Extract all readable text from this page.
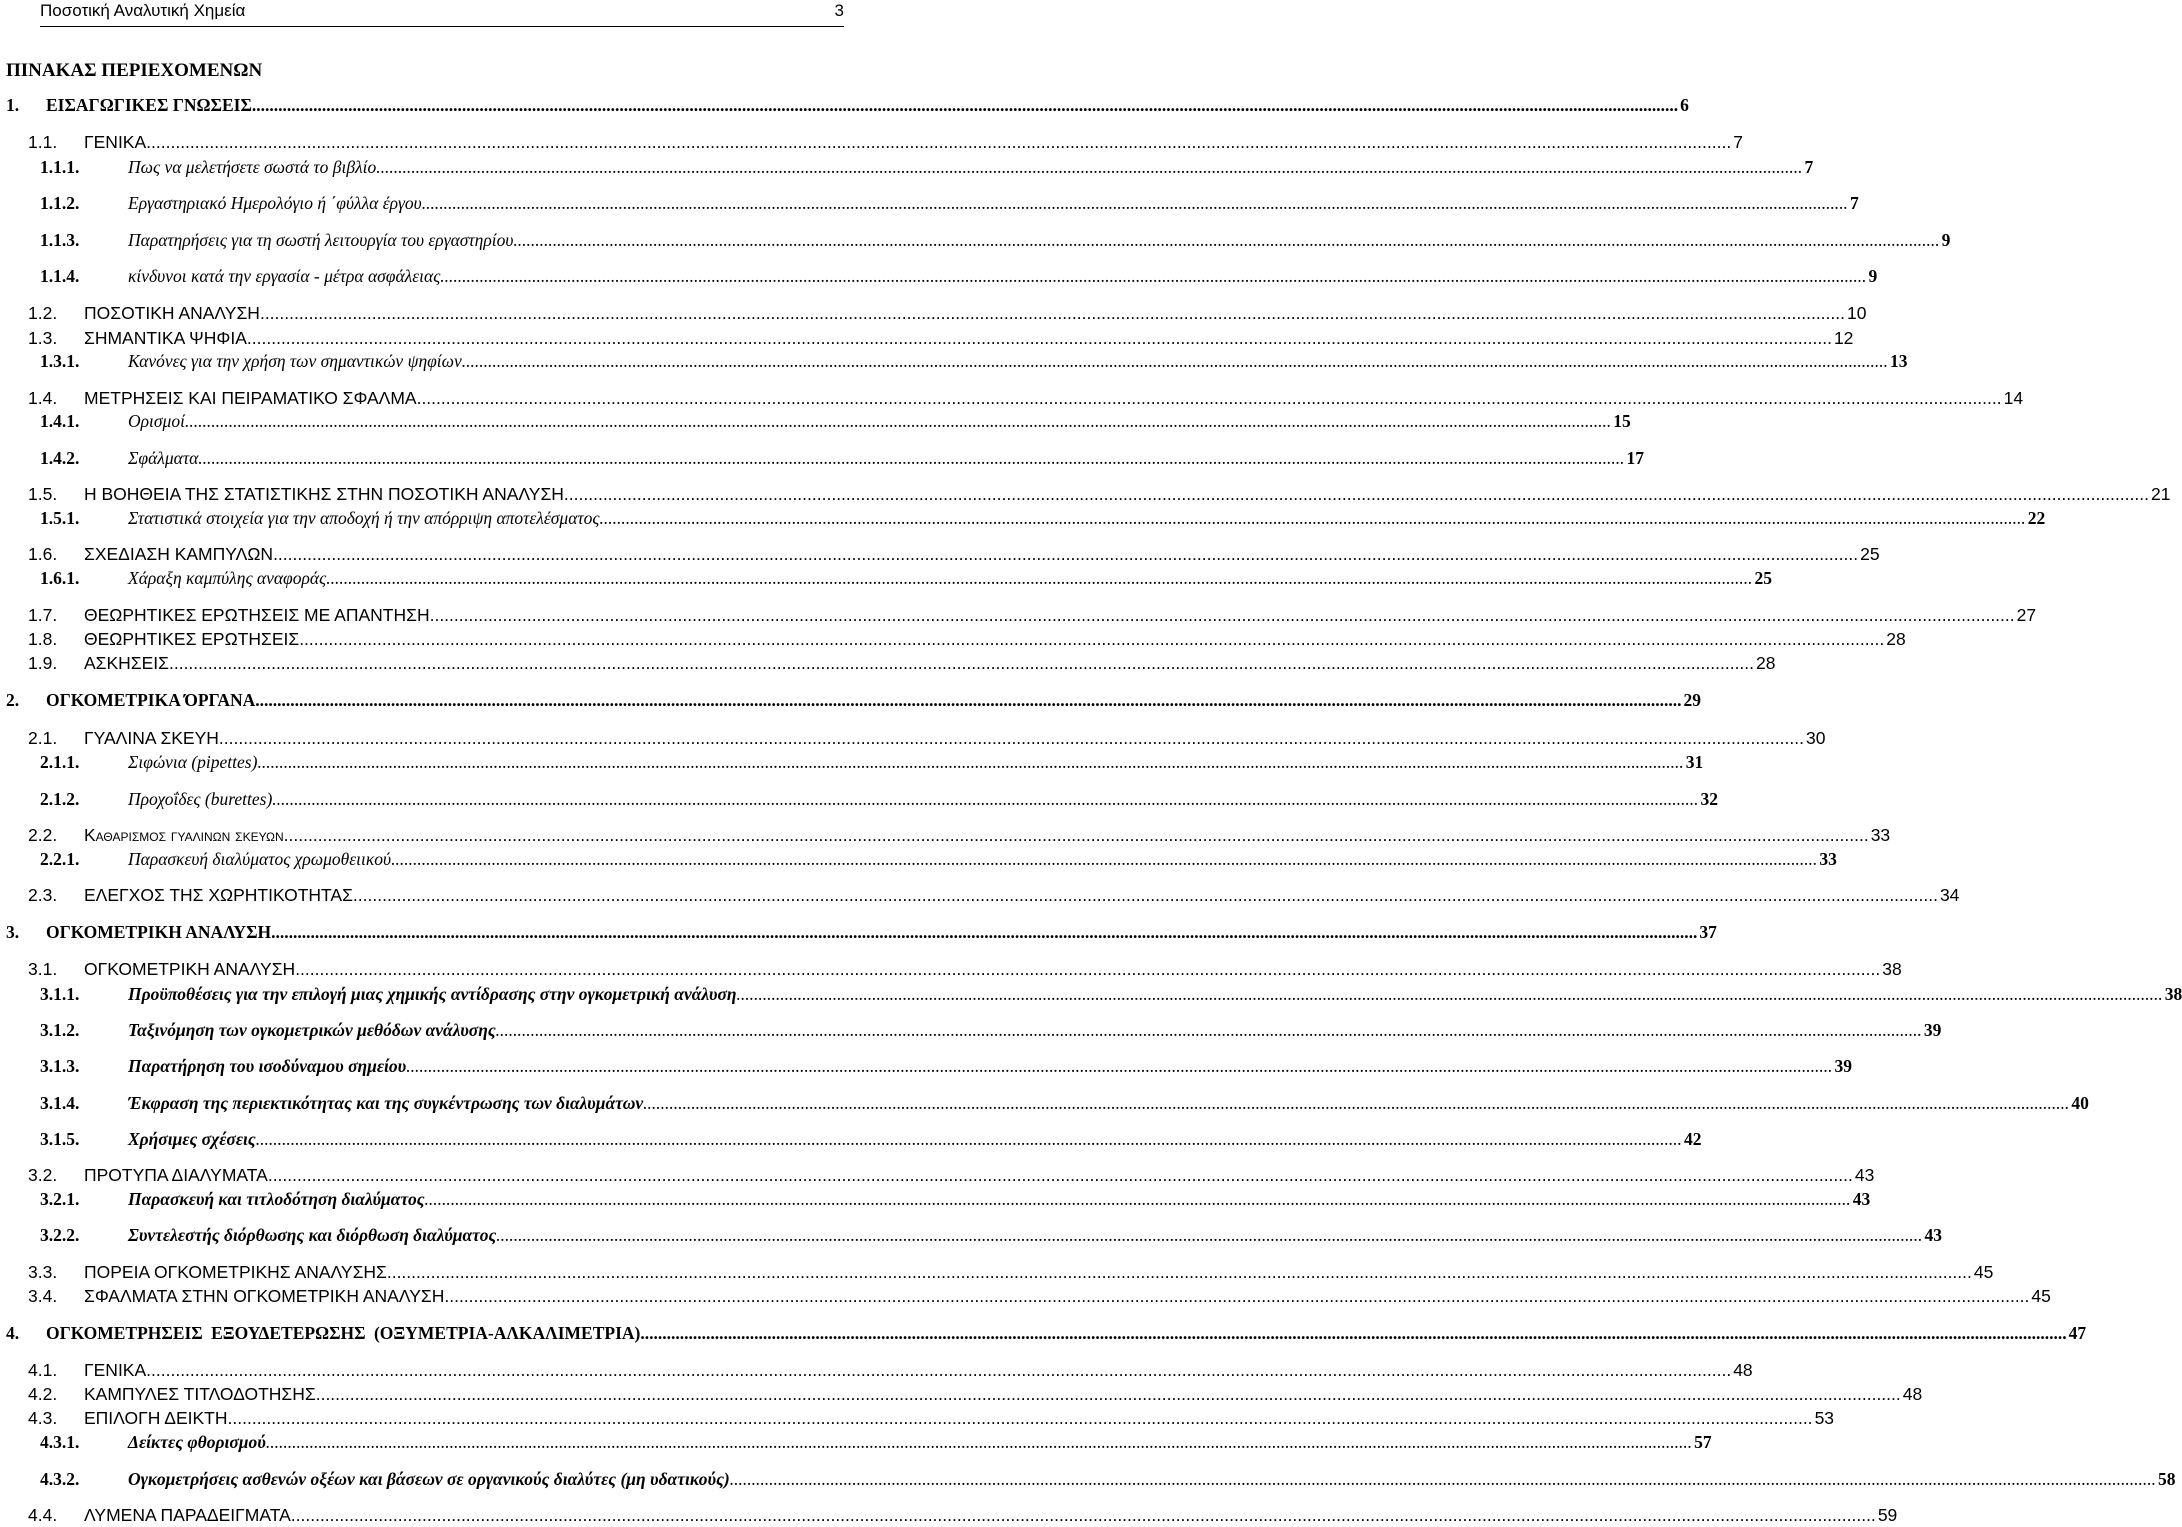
Ποσοτική Αναλυτική Χημεία	3
ΠΙΝΑΚΑΣ ΠΕΡΙΕΧΟΜΕΝΩΝ
1.	ΕΙΣΑΓΩΓΙΚΕΣ ΓΝΩΣΕΙΣ .....	6
1.1.	ΓΕΝΙΚΑ .....	7
1.1.1.	Πως να μελετήσετε σωστά το βιβλίο .....	7
1.1.2.	Εργαστηριακό Ημερολόγιο ή ΄φύλλα έργου .....	7
1.1.3.	Παρατηρήσεις για τη σωστή λειτουργία του εργαστηρίου .....	9
1.1.4.	κίνδυνοι κατά την εργασία - μέτρα ασφάλειας .....	9
1.2.	ΠΟΣΟΤΙΚΗ ΑΝΑΛΥΣΗ .....	10
1.3.	ΣΗΜΑΝΤΙΚΑ ΨΗΦΙΑ .....	12
1.3.1.	Κανόνες για την χρήση των σημαντικών ψηφίων .....	13
1.4.	ΜΕΤΡΗΣΕΙΣ ΚΑΙ ΠΕΙΡΑΜΑΤΙΚΟ ΣΦΑΛΜΑ .....	14
1.4.1.	Ορισμοί .....	15
1.4.2.	Σφάλματα .....	17
1.5.	Η ΒΟΗΘΕΙΑ ΤΗΣ ΣΤΑΤΙΣΤΙΚΗΣ ΣΤΗΝ ΠΟΣΟΤΙΚΗ ΑΝΑΛΥΣΗ .....	21
1.5.1.	Στατιστικά στοιχεία για την αποδοχή ή την απόρριψη αποτελέσματος .....	22
1.6.	ΣΧΕΔΙΑΣΗ ΚΑΜΠΥΛΩΝ .....	25
1.6.1.	Χάραξη καμπύλης αναφοράς .....	25
1.7.	ΘΕΩΡΗΤΙΚΕΣ ΕΡΩΤΗΣΕΙΣ ΜΕ ΑΠΑΝΤΗΣΗ .....	27
1.8.	ΘΕΩΡΗΤΙΚΕΣ ΕΡΩΤΗΣΕΙΣ .....	28
1.9.	ΑΣΚΗΣΕΙΣ .....	28
2.	ΟΓΚΟΜΕΤΡΙΚΑ ΌΡΓΑΝΑ .....	29
2.1.	ΓΥΑΛΙΝΑ ΣΚΕΥΗ .....	30
2.1.1.	Σιφώνια (pipettes) .....	31
2.1.2.	Προχοΐδες (burettes) .....	32
2.2.	Καθαρισμος γυαλινων σκευων .....	33
2.2.1.	Παρασκευή διαλύματος χρωμοθειικού .....	33
2.3.	ΕΛΕΓΧΟΣ ΤΗΣ ΧΩΡΗΤΙΚΟΤΗΤΑΣ .....	34
3.	ΟΓΚΟΜΕΤΡΙΚΗ ΑΝΑΛΥΣΗ .....	37
3.1.	ΟΓΚΟΜΕΤΡΙΚΗ ΑΝΑΛΥΣΗ .....	38
3.1.1.	Προϋποθέσεις για την επιλογή μιας χημικής αντίδρασης στην ογκομετρική ανάλυση .....	38
3.1.2.	Ταξινόμηση των ογκομετρικών μεθόδων ανάλυσης .....	39
3.1.3.	Παρατήρηση του ισοδύναμου σημείου .....	39
3.1.4.	Έκφραση της περιεκτικότητας και της συγκέντρωσης των διαλυμάτων .....	40
3.1.5.	Χρήσιμες σχέσεις .....	42
3.2.	ΠΡΟΤΥΠΑ ΔΙΑΛΥΜΑΤΑ .....	43
3.2.1.	Παρασκευή και τιτλοδότηση διαλύματος .....	43
3.2.2.	Συντελεστής διόρθωσης και διόρθωση διαλύματος .....	43
3.3.	ΠΟΡΕΙΑ ΟΓΚΟΜΕΤΡΙΚΗΣ ΑΝΑΛΥΣΗΣ .....	45
3.4.	ΣΦΑΛΜΑΤΑ ΣΤΗΝ ΟΓΚΟΜΕΤΡΙΚΗ ΑΝΑΛΥΣΗ .....	45
4.	ΟΓΚΟΜΕΤΡΗΣΕΙΣ ΕΞΟΥΔΕΤΕΡΩΣΗΣ (ΟΞΥΜΕΤΡΙΑ-ΑΛΚΑΛΙΜΕΤΡΙΑ) .....	47
4.1.	ΓΕΝΙΚΑ .....	48
4.2.	ΚΑΜΠΥΛΕΣ ΤΙΤΛΟΔΟΤΗΣΗΣ .....	48
4.3.	ΕΠΙΛΟΓΗ ΔΕΙΚΤΗ .....	53
4.3.1.	Δείκτες φθορισμού .....	57
4.3.2.	Ογκομετρήσεις ασθενών οξέων και βάσεων σε οργανικούς διαλύτες (μη υδατικούς) .....	58
4.4.	ΛΥΜΕΝΑ ΠΑΡΑΔΕΙΓΜΑΤΑ .....	59
